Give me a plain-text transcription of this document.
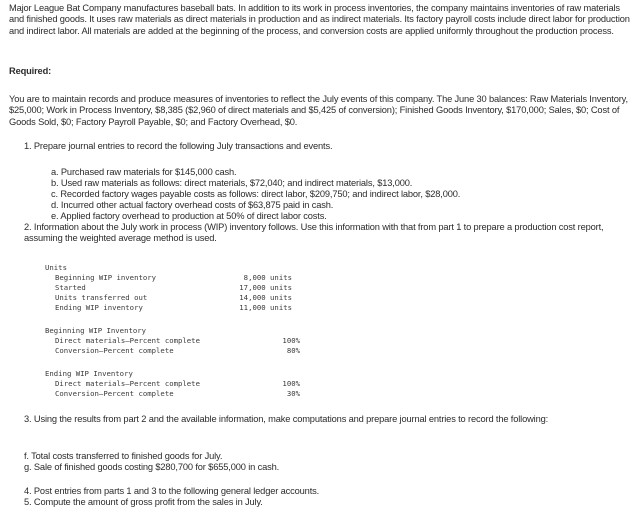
Major League Bat Company manufactures baseball bats. In addition to its work in process inventories, the company maintains inventories of raw materials and finished goods. It uses raw materials as direct materials in production and as indirect materials. Its factory payroll costs include direct labor for production and indirect labor. All materials are added at the beginning of the process, and conversion costs are applied uniformly throughout the production process.

Required:

You are to maintain records and produce measures of inventories to reflect the July events of this company. The June 30 balances: Raw Materials Inventory, $25,000; Work in Process Inventory, $8,385 ($2,960 of direct materials and $5,425 of conversion); Finished Goods Inventory, $170,000; Sales, $0; Cost of Goods Sold, $0; Factory Payroll Payable, $0; and Factory Overhead, $0.

1. Prepare journal entries to record the following July transactions and events.

a. Purchased raw materials for $145,000 cash.

b. Used raw materials as follows: direct materials, $72,040; and indirect materials, $13,000.

c. Recorded factory wages payable costs as follows: direct labor, $209,750; and indirect labor, $28,000.

d. Incurred other actual factory overhead costs of $63,875 paid in cash.

e. Applied factory overhead to production at 50% of direct labor costs.

2. Information about the July work in process (WIP) inventory follows. Use this information with that from part 1 to prepare a production cost report, assuming the weighted average method is used.

Units

Beginning WIP inventory	8,000 units

Started	17,000 units

Units transferred out	14,000 units

Ending WIP inventory	11,000 units

Beginning WIP Inventory

Direct materials—Percent complete	100%

Conversion—Percent complete	80%

Ending WIP Inventory

Direct materials—Percent complete	100%

Conversion—Percent complete	30%

3. Using the results from part 2 and the available information, make computations and prepare journal entries to record the following:

f. Total costs transferred to finished goods for July.

g. Sale of finished goods costing $280,700 for $655,000 in cash.

4. Post entries from parts 1 and 3 to the following general ledger accounts.

5. Compute the amount of gross profit from the sales in July.
